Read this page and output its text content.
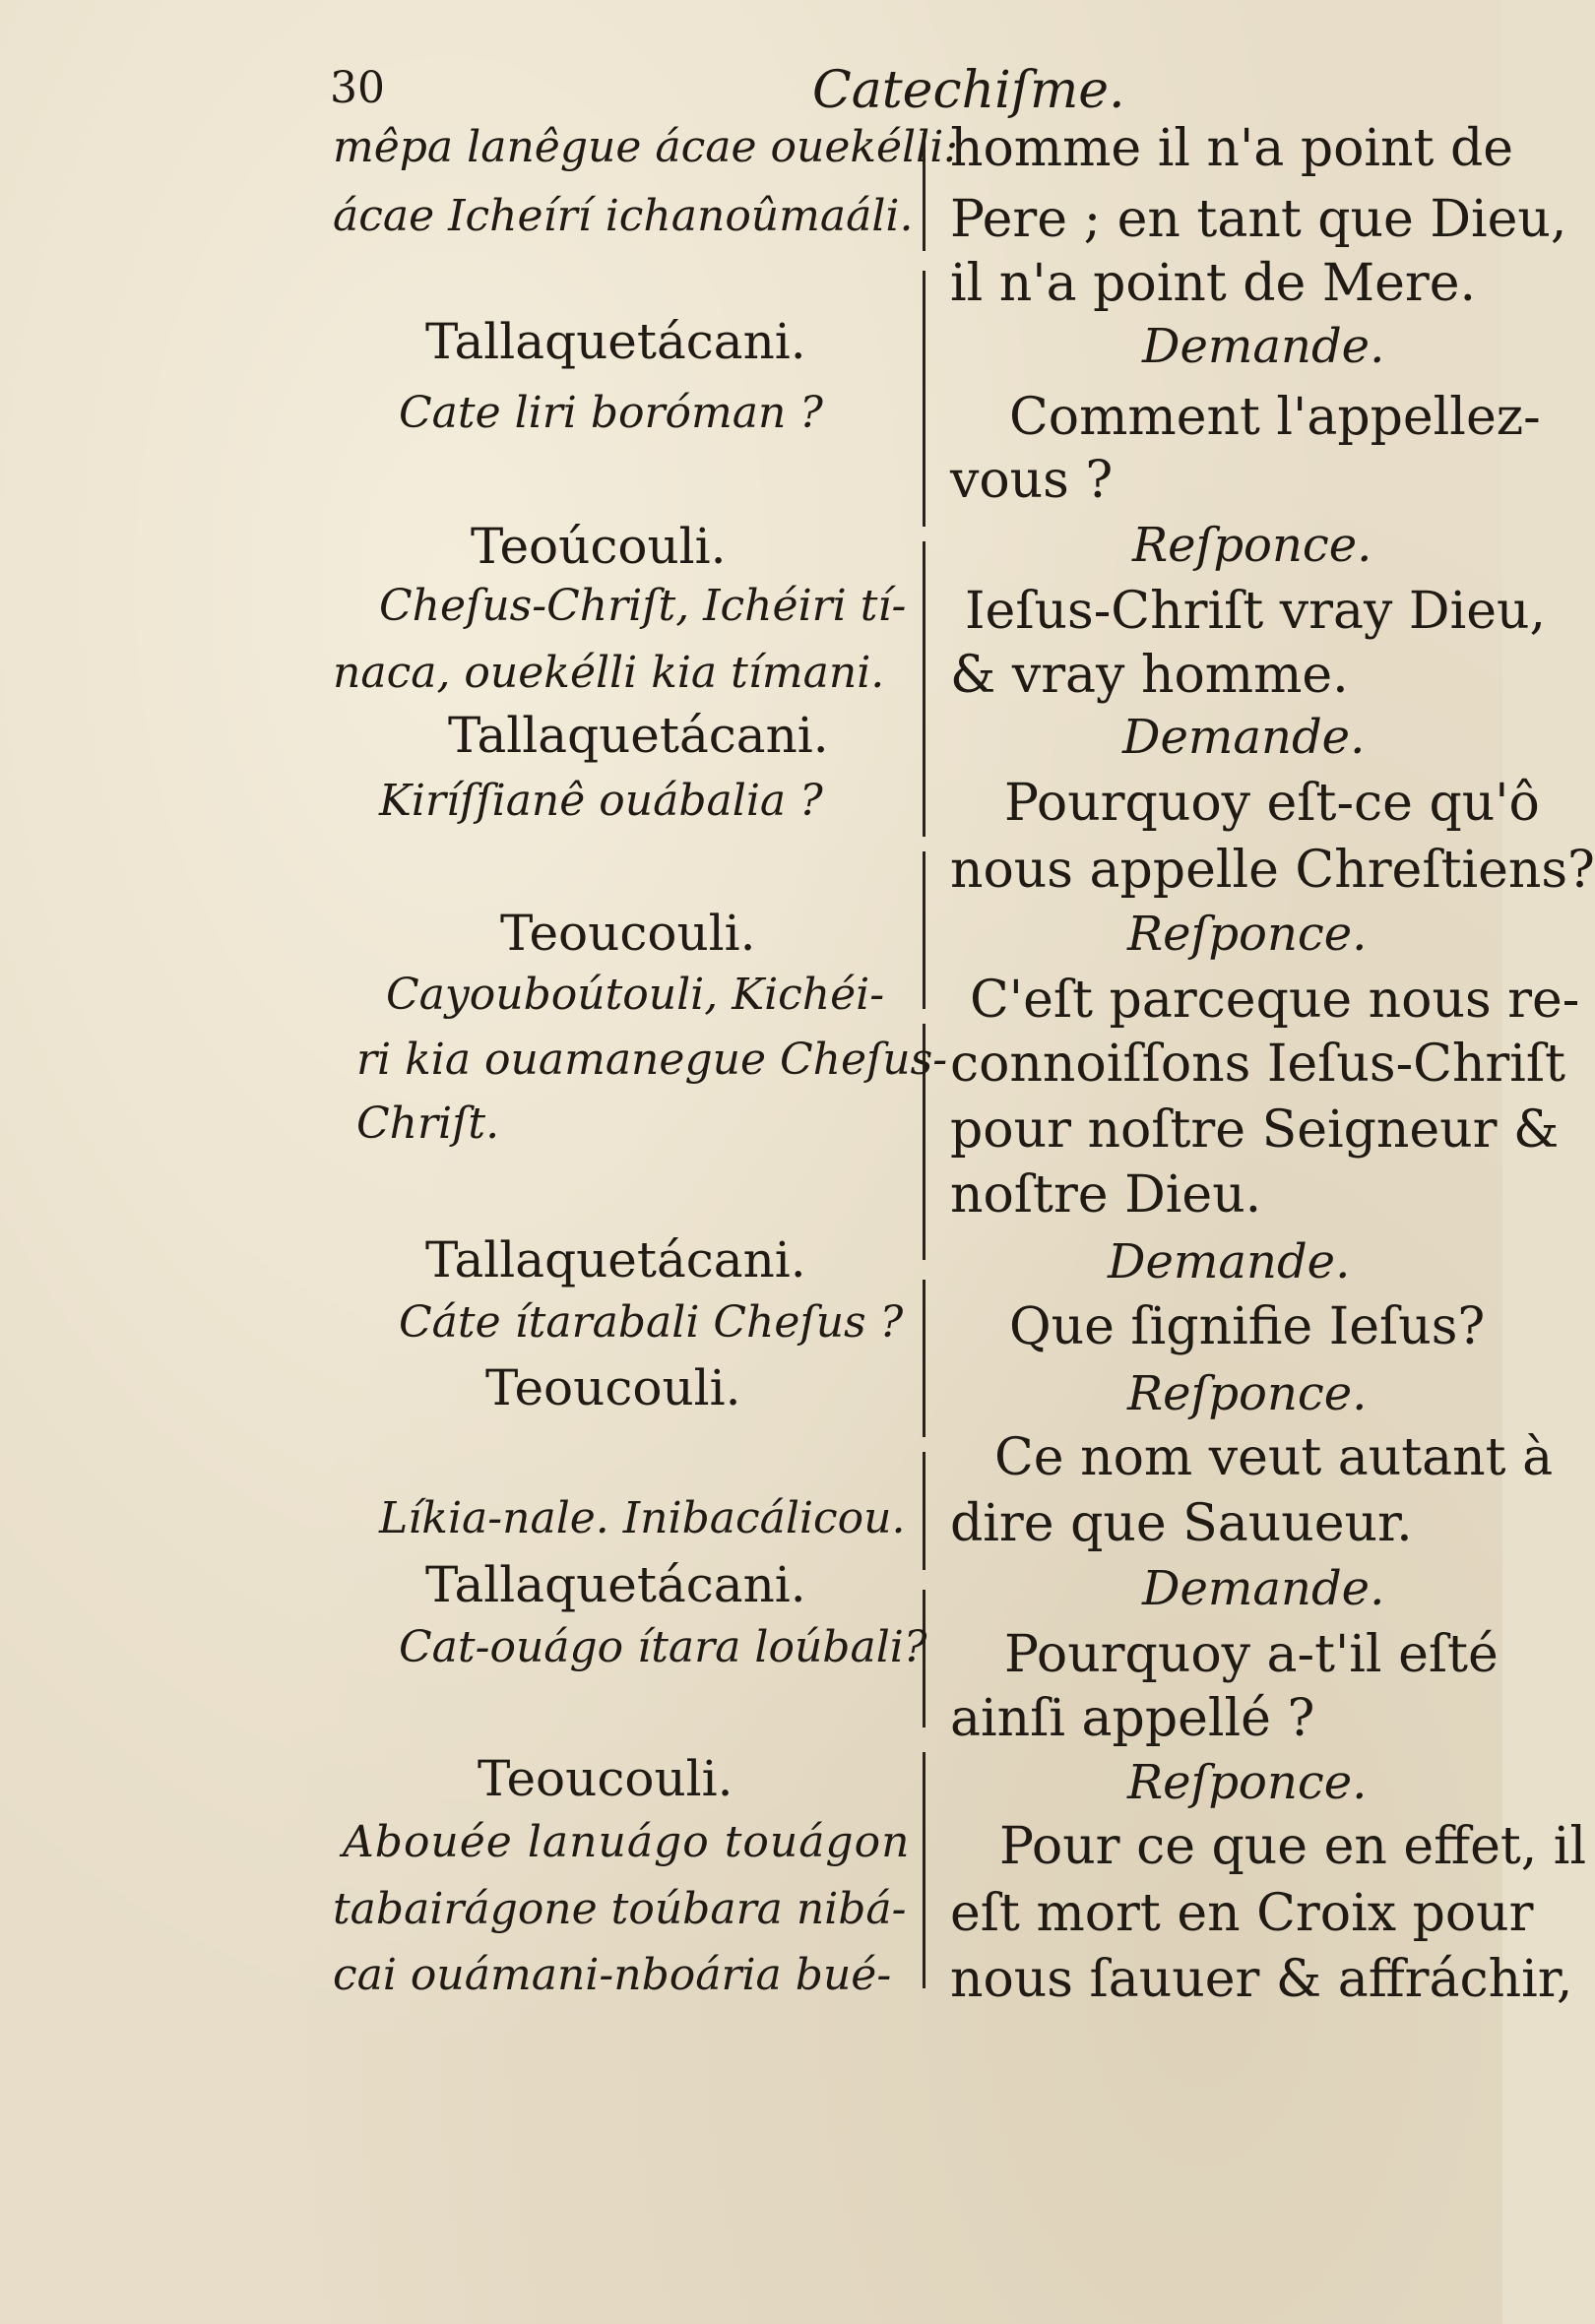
30	Catechiſme.
mêpa lanêgue ácae ouekélli:
ácae Icheírí ichanoûmaáli.
Tallaquetácani.
Cate liri boróman ?
Teoúcouli.
Cheſus-Chriſt, Ichéiri tí-
naca, ouekélli kia tímani.
Tallaquetácani.
Kiríſſianê ouábalia ?
Teoucouli.
Cayouboútouli, Kichéi-
ri kia ouamanegue Cheſus-
Chriſt.
Tallaquetácani.
Cáte ítarabali Cheſus ?
Teoucouli.
Líkia-nale. Inibacálicou.
Tallaquetácani.
Cat-ouágo ítara loúbali?
Teoucouli.
Abouée lanuágo touágon
tabairágone toúbara nibá-
cai ouámani-nboária bué-
homme il n'a point de
Pere ; en tant que Dieu,
il n'a point de Mere.
Demande.
Comment l'appellez-
vous ?
Reſponce.
Ieſus-Chriſt vray Dieu,
& vray homme.
Demande.
Pourquoy eſt-ce qu'ô
nous appelle Chreſtiens?
Reſponce.
C'eſt parceque nous re-
connoiſſons Ieſus-Chriſt
pour noſtre Seigneur &
noſtre Dieu.
Demande.
Que ſignifie Ieſus?
Reſponce.
Ce nom veut autant à
dire que Sauueur.
Demande.
Pourquoy a-t'il eſté
ainſi appellé ?
Reſponce.
Pour ce que en effet, il
eſt mort en Croix pour
nous ſauuer & affráchir,
